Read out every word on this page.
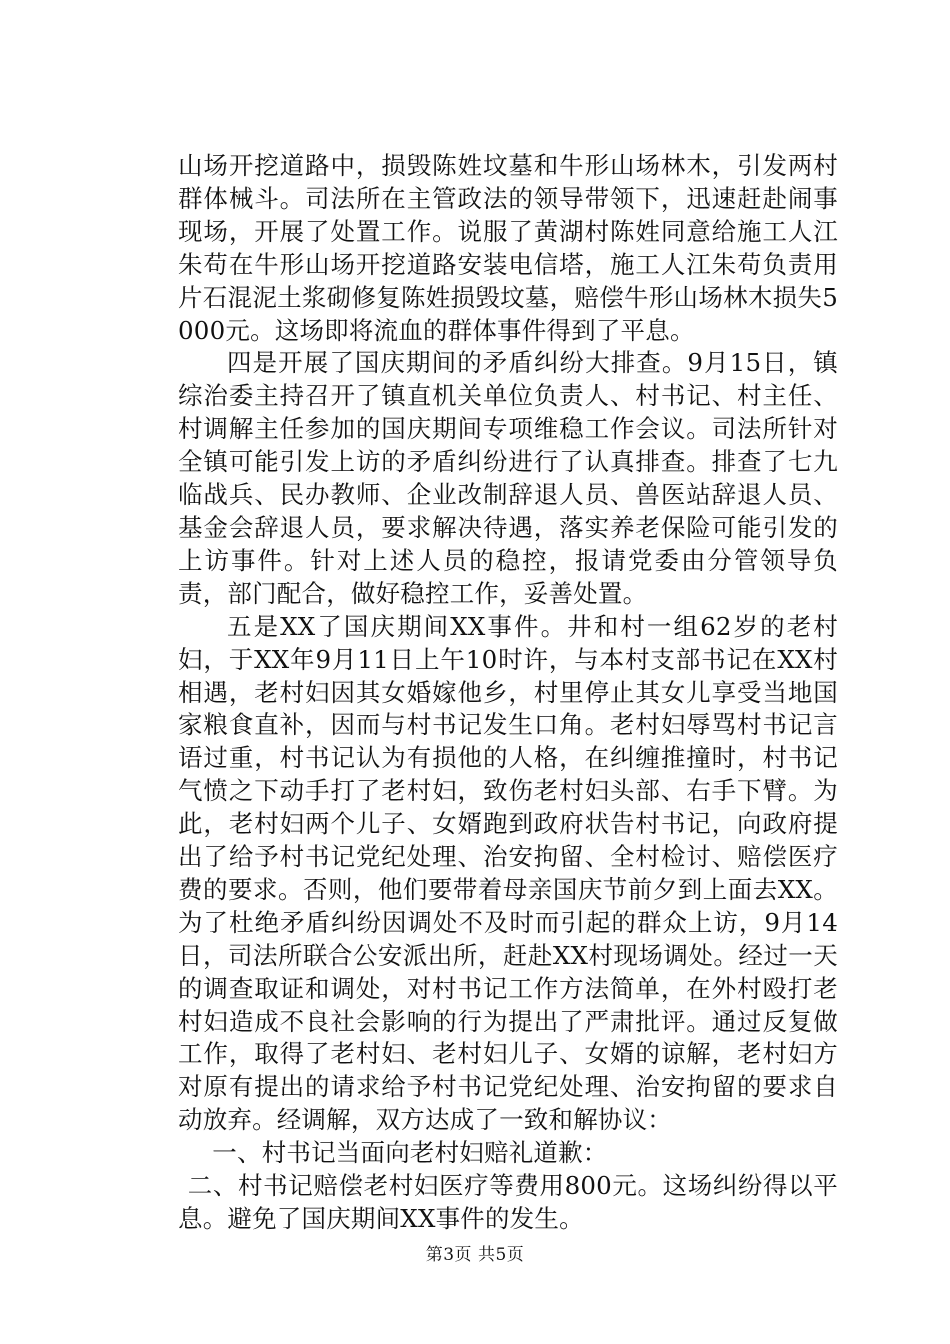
山场开挖道路中，损毁陈姓坟墓和牛形山场林木，引发两村群体械斗。司法所在主管政法的领导带领下，迅速赶赴闹事现场，开展了处置工作。说服了黄湖村陈姓同意给施工人江朱苟在牛形山场开挖道路安装电信塔，施工人江朱苟负责用片石混泥土浆砌修复陈姓损毁坟墓，赔偿牛形山场林木损失5000元。这场即将流血的群体事件得到了平息。

四是开展了国庆期间的矛盾纠纷大排查。9月15日，镇综治委主持召开了镇直机关单位负责人、村书记、村主任、村调解主任参加的国庆期间专项维稳工作会议。司法所针对全镇可能引发上访的矛盾纠纷进行了认真排查。排查了七九临战兵、民办教师、企业改制辞退人员、兽医站辞退人员、基金会辞退人员，要求解决待遇，落实养老保险可能引发的上访事件。针对上述人员的稳控，报请党委由分管领导负责，部门配合，做好稳控工作，妥善处置。

五是XX了国庆期间XX事件。井和村一组62岁的老村妇，于XX年9月11日上午10时许，与本村支部书记在XX村相遇，老村妇因其女婚嫁他乡，村里停止其女儿享受当地国家粮食直补，因而与村书记发生口角。老村妇辱骂村书记言语过重，村书记认为有损他的人格，在纠缠推撞时，村书记气愤之下动手打了老村妇，致伤老村妇头部、右手下臂。为此，老村妇两个儿子、女婿跑到政府状告村书记，向政府提出了给予村书记党纪处理、治安拘留、全村检讨、赔偿医疗费的要求。否则，他们要带着母亲国庆节前夕到上面去XX。为了杜绝矛盾纠纷因调处不及时而引起的群众上访，9月14日，司法所联合公安派出所，赶赴XX村现场调处。经过一天的调查取证和调处，对村书记工作方法简单，在外村殴打老村妇造成不良社会影响的行为提出了严肃批评。通过反复做工作，取得了老村妇、老村妇儿子、女婿的谅解，老村妇方对原有提出的请求给予村书记党纪处理、治安拘留的要求自动放弃。经调解，双方达成了一致和解协议：

一、村书记当面向老村妇赔礼道歉：

二、村书记赔偿老村妇医疗等费用800元。这场纠纷得以平息。避免了国庆期间XX事件的发生。

第3页 共5页
